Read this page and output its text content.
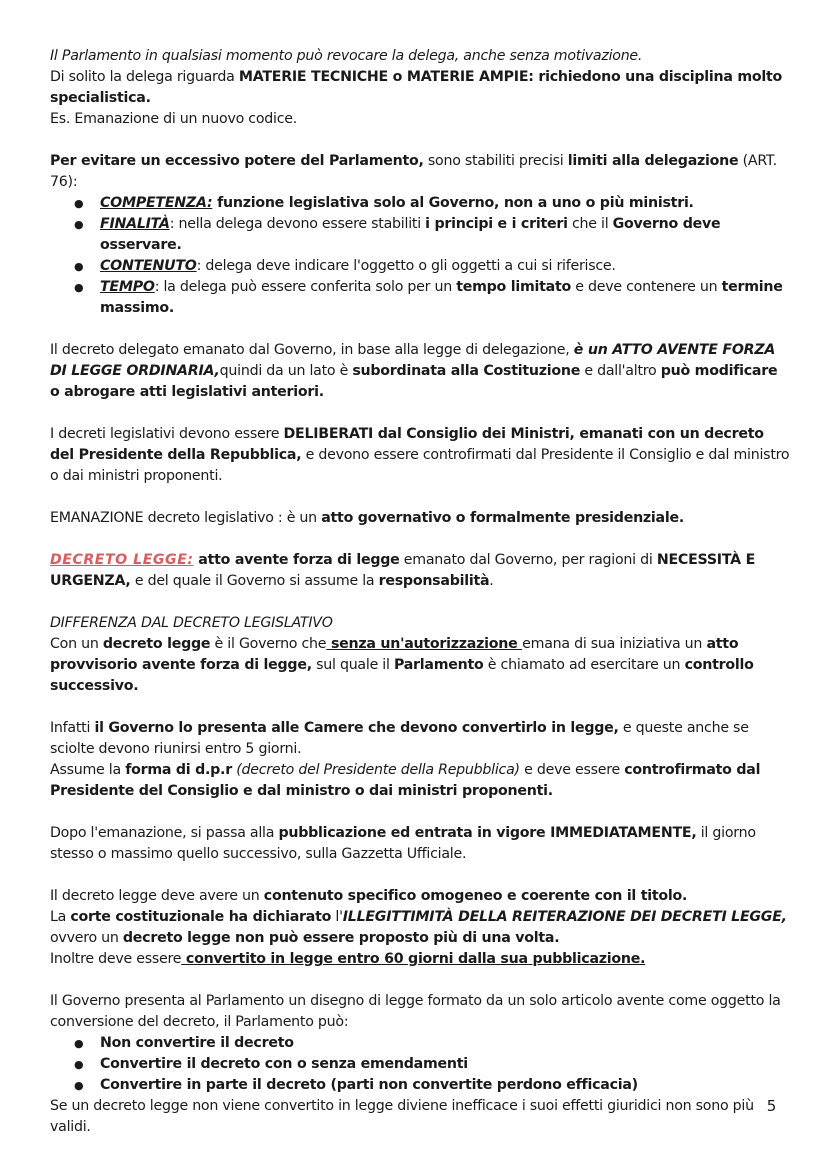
Il Parlamento in qualsiasi momento può revocare la delega, anche senza motivazione.

Di solito la delega riguarda MATERIE TECNICHE o MATERIE AMPIE: richiedono una disciplina molto specialistica.

Es. Emanazione di un nuovo codice.

Per evitare un eccessivo potere del Parlamento, sono stabiliti precisi limiti alla delegazione (ART. 76):

● COMPETENZA: funzione legislativa solo al Governo, non a uno o più ministri.
● FINALITÀ: nella delega devono essere stabiliti i principi e i criteri che il Governo deve osservare.
● CONTENUTO: delega deve indicare l'oggetto o gli oggetti a cui si riferisce.
● TEMPO: la delega può essere conferita solo per un tempo limitato e deve contenere un termine massimo.

Il decreto delegato emanato dal Governo, in base alla legge di delegazione, è un ATTO AVENTE FORZA DI LEGGE ORDINARIA,quindi da un lato è subordinata alla Costituzione e dall'altro può modificare o abrogare atti legislativi anteriori.

I decreti legislativi devono essere DELIBERATI dal Consiglio dei Ministri, emanati con un decreto del Presidente della Repubblica, e devono essere controfirmati dal Presidente il Consiglio e dal ministro o dai ministri proponenti.

EMANAZIONE decreto legislativo : è un atto governativo o formalmente presidenziale.

DECRETO LEGGE: atto avente forza di legge emanato dal Governo, per ragioni di NECESSITÀ E URGENZA, e del quale il Governo si assume la responsabilità.

DIFFERENZA DAL DECRETO LEGISLATIVO

Con un decreto legge è il Governo che senza un'autorizzazione emana di sua iniziativa un atto provvisorio avente forza di legge, sul quale il Parlamento è chiamato ad esercitare un controllo successivo.

Infatti il Governo lo presenta alle Camere che devono convertirlo in legge, e queste anche se sciolte devono riunirsi entro 5 giorni.

Assume la forma di d.p.r (decreto del Presidente della Repubblica) e deve essere controfirmato dal Presidente del Consiglio e dal ministro o dai ministri proponenti.

Dopo l'emanazione, si passa alla pubblicazione ed entrata in vigore IMMEDIATAMENTE, il giorno stesso o massimo quello successivo, sulla Gazzetta Ufficiale.

Il decreto legge deve avere un contenuto specifico omogeneo e coerente con il titolo.

La corte costituzionale ha dichiarato l'ILLEGITTIMITÀ DELLA REITERAZIONE DEI DECRETI LEGGE, ovvero un decreto legge non può essere proposto più di una volta.

Inoltre deve essere convertito in legge entro 60 giorni dalla sua pubblicazione.

Il Governo presenta al Parlamento un disegno di legge formato da un solo articolo avente come oggetto la conversione del decreto, il Parlamento può:

● Non convertire il decreto
● Convertire il decreto con o senza emendamenti
● Convertire in parte il decreto (parti non convertite perdono efficacia)

Se un decreto legge non viene convertito in legge diviene inefficace i suoi effetti giuridici non sono più validi.

5
